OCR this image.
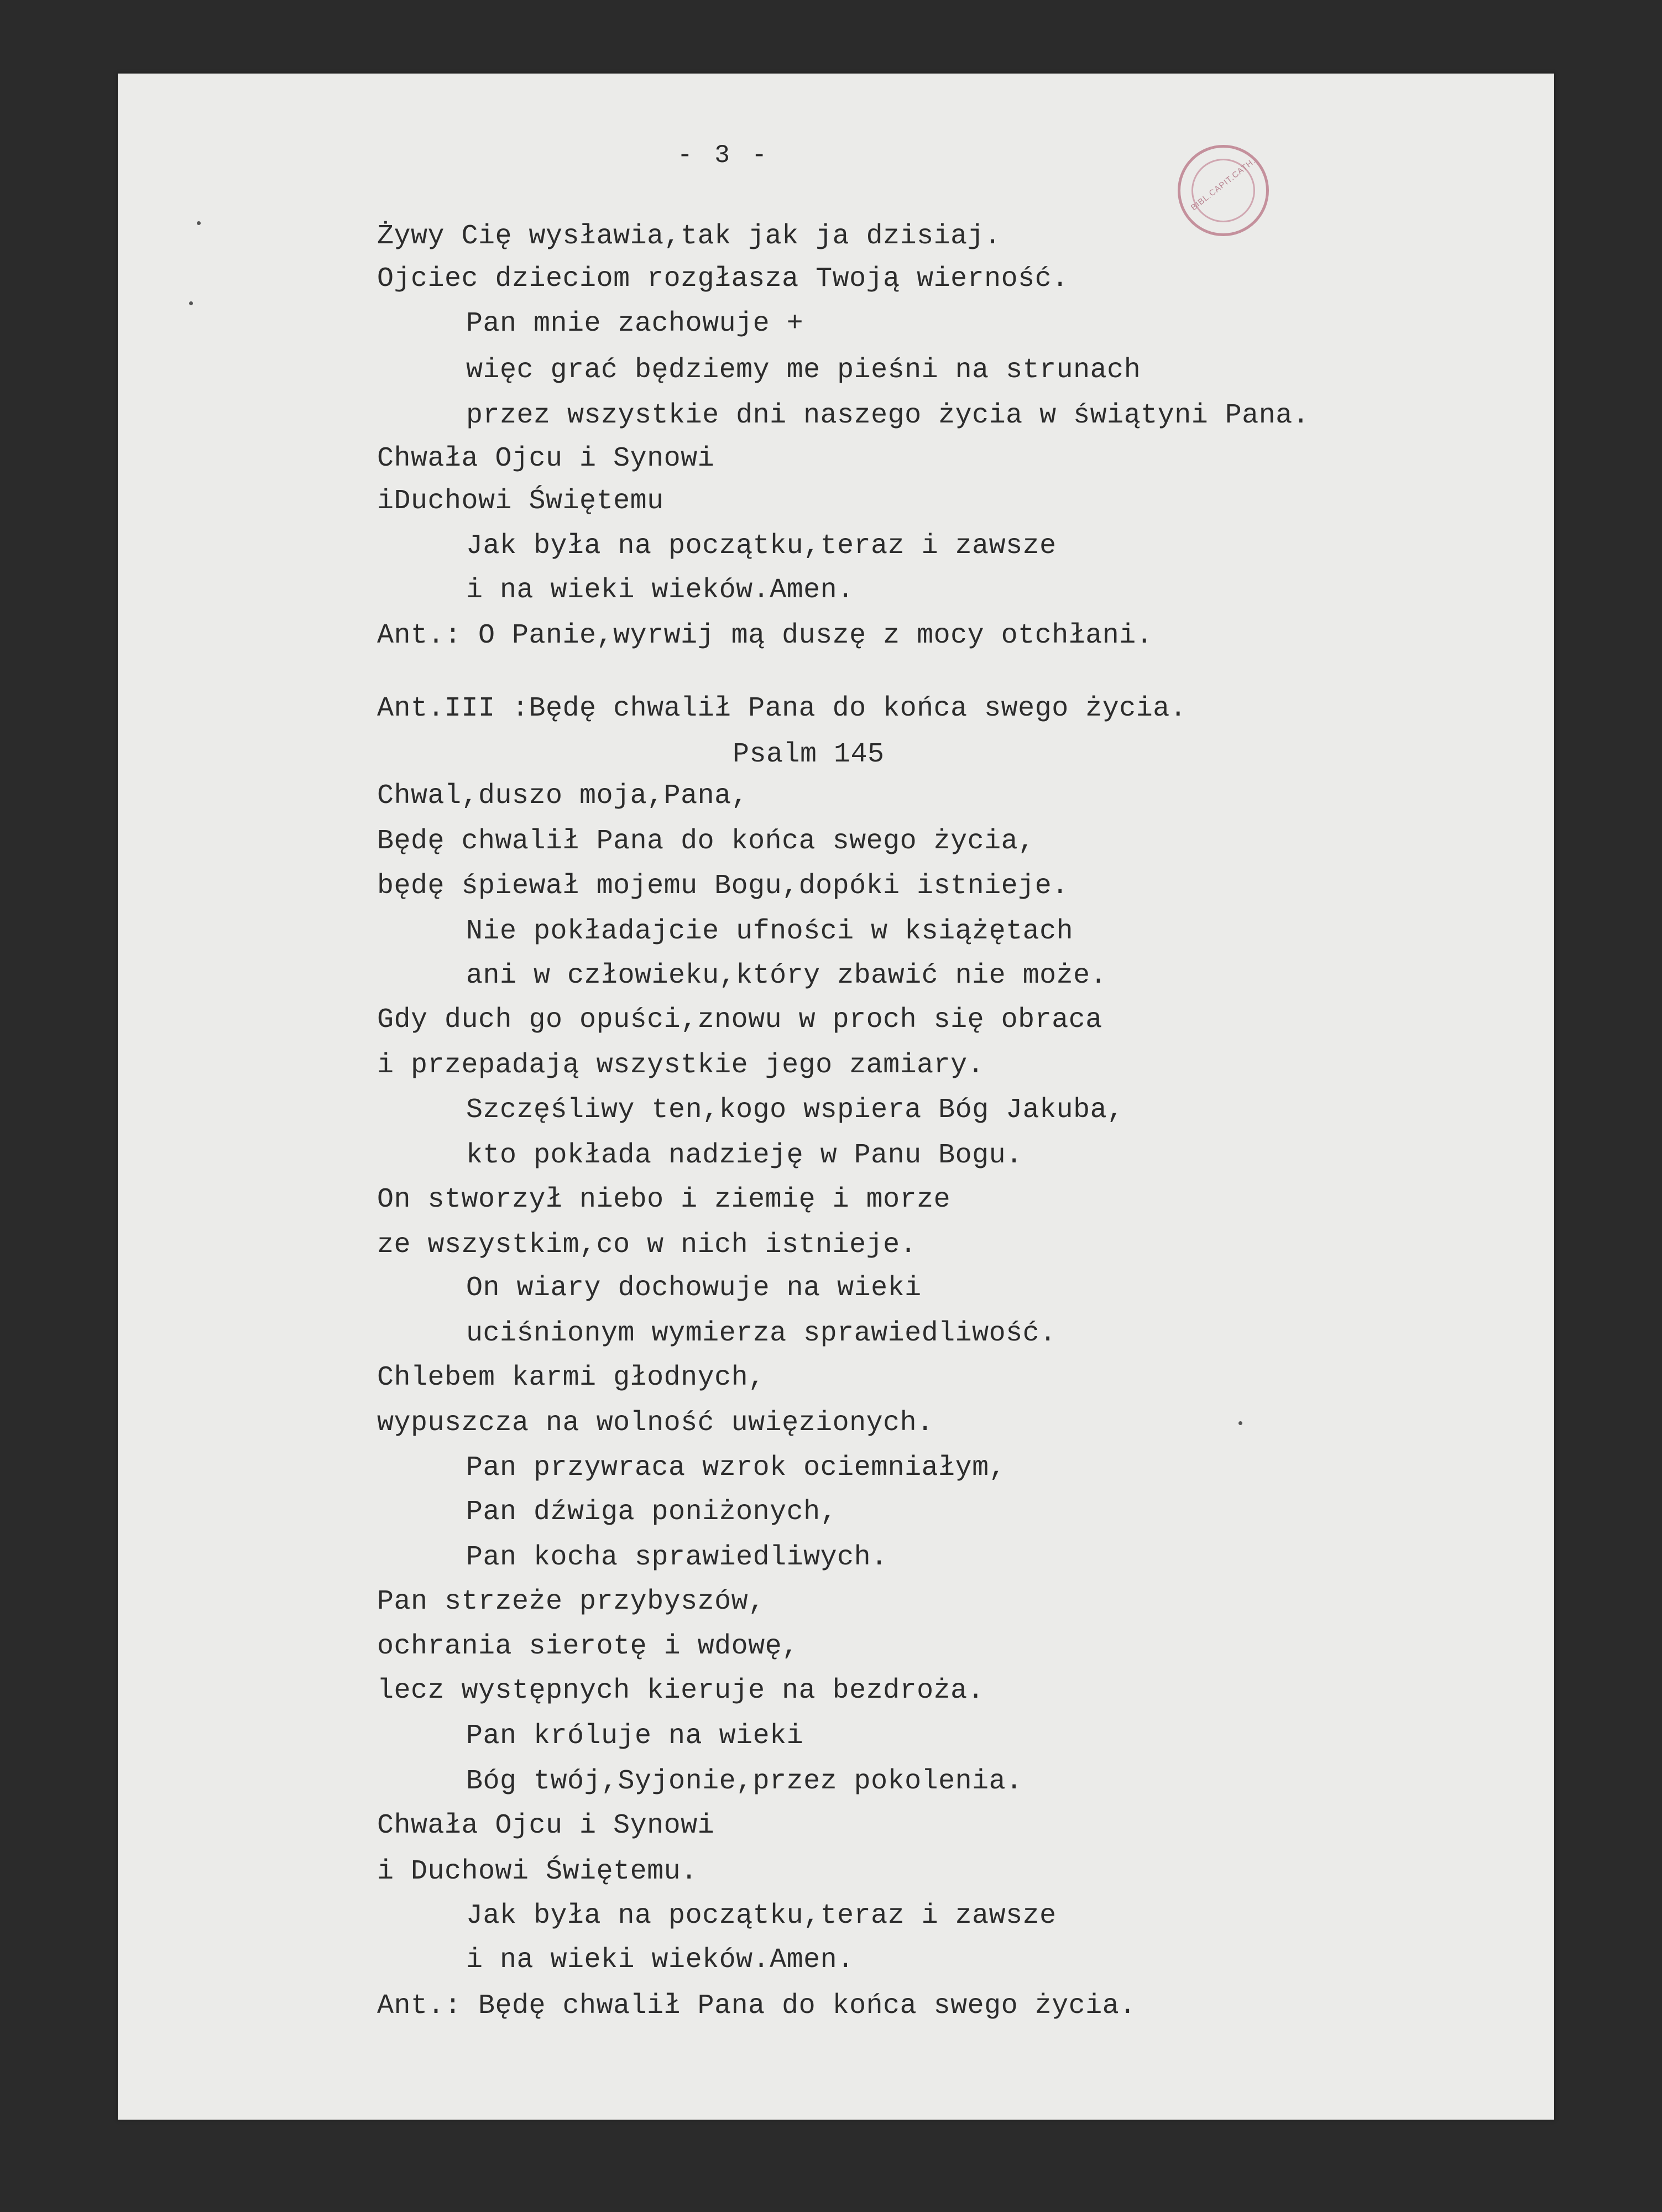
- 3 -
BIBL.CAPIT.CATH.
Żywy Cię wysławia,tak jak ja dzisiaj.
Ojciec dzieciom rozgłasza Twoją wierność.
Pan mnie zachowuje +
więc grać będziemy me pieśni na strunach
przez wszystkie dni naszego życia w świątyni Pana.
Chwała Ojcu i Synowi
iDuchowi Świętemu
Jak była na początku,teraz i zawsze
i na wieki wieków.Amen.
Ant.: O Panie,wyrwij mą duszę z mocy otchłani.
Ant.III :Będę chwalił Pana do końca swego życia.
Psalm 145
Chwal,duszo moja,Pana,
Będę chwalił Pana do końca swego życia,
będę śpiewał mojemu Bogu,dopóki istnieje.
Nie pokładajcie ufności w książętach
ani w człowieku,który zbawić nie może.
Gdy duch go opuści,znowu w proch się obraca
i przepadają wszystkie jego zamiary.
Szczęśliwy ten,kogo wspiera Bóg Jakuba,
kto pokłada nadzieję w Panu Bogu.
On stworzył niebo i ziemię i morze
ze wszystkim,co w nich istnieje.
On wiary dochowuje na wieki
uciśnionym wymierza sprawiedliwość.
Chlebem karmi głodnych,
wypuszcza na wolność uwięzionych.
Pan przywraca wzrok ociemniałym,
Pan dźwiga poniżonych,
Pan kocha sprawiedliwych.
Pan strzeże przybyszów,
ochrania sierotę i wdowę,
lecz występnych kieruje na bezdroża.
Pan króluje na wieki
Bóg twój,Syjonie,przez pokolenia.
Chwała Ojcu i Synowi
i Duchowi Świętemu.
Jak była na początku,teraz i zawsze
i na wieki wieków.Amen.
Ant.: Będę chwalił Pana do końca swego życia.
